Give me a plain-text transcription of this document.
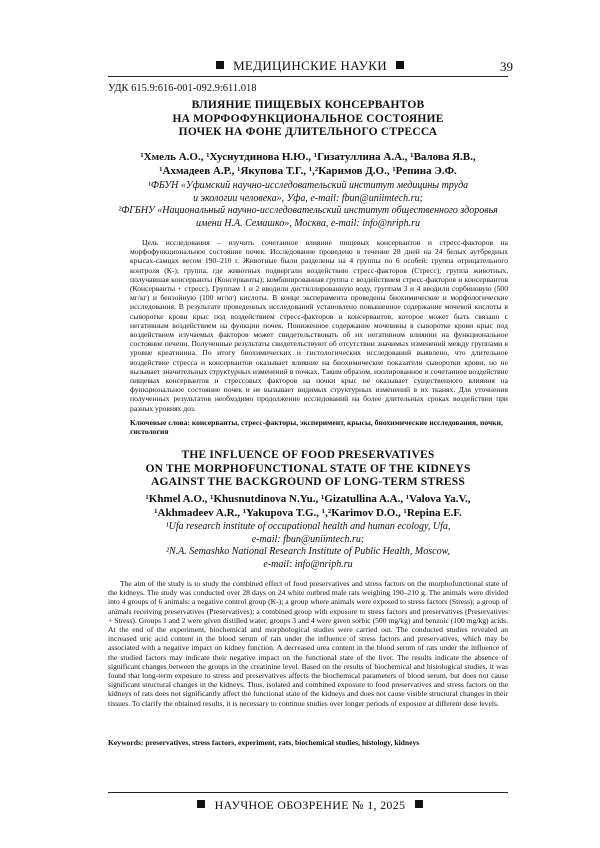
МЕДИЦИНСКИЕ НАУКИ	39
УДК 615.9:616-001-092.9:611.018
ВЛИЯНИЕ ПИЩЕВЫХ КОНСЕРВАНТОВ
НА МОРФОФУНКЦИОНАЛЬНОЕ СОСТОЯНИЕ
ПОЧЕК НА ФОНЕ ДЛИТЕЛЬНОГО СТРЕССА
¹Хмель А.О., ¹Хуснутдинова Н.Ю., ¹Гизатуллина А.А., ¹Валова Я.В.,
¹Ахмадеев А.Р., ¹Якупова Т.Г., ¹,²Каримов Д.О., ¹Репина Э.Ф.
¹ФБУН «Уфимский научно-исследовательский институт медицины труда
и экологии человека», Уфа, e-mail: fbun@uniimtech.ru;
²ФГБНУ «Национальный научно-исследовательский институт общественного здоровья
имени Н.А. Семашко», Москва, e-mail: info@nriph.ru
Цель исследования – изучить сочетанное влияние пищевых консервантов и стресс-факторов на морфофункциональное состояние почек. Исследование проведено в течение 28 дней на 24 белых аутбредных крысах-самцах весом 190–210 г. Животные были разделены на 4 группы по 6 особей: группа отрицательного контроля (К-); группа, где животных подвергали воздействию стресс-факторов (Стресс); группа животных, получавшая консерванты (Консерванты); комбинированная группа с воздействием стресс-факторов и консервантов (Консерванты + стресс). Группам 1 и 2 вводили дистиллированную воду, группам 3 и 4 вводили сорбиновую (500 мг/кг) и бензойную (100 мг/кг) кислоты. В конце эксперимента проведены биохимические и морфологические исследования. В результате проведенных исследований установлено повышенное содержание мочевой кислоты в сыворотке крови крыс под воздействием стресс-факторов и консервантов, которое может быть связано с негативным воздействием на функции почек. Пониженное содержание мочевины в сыворотке крови крыс под воздействием изучаемых факторов может свидетельствовать об их негативном влиянии на функциональное состояние печени. Полученные результаты свидетельствуют об отсутствии значимых изменений между группами в уровне креатинина. По итогу биохимических и гистологических исследований выявлено, что длительное воздействие стресса и консервантов оказывает влияние на биохимические показатели сыворотки крови, но не вызывает значительных структурных изменений в почках. Таким образом, изолированное и сочетанное воздействие пищевых консервантов и стрессовых факторов на почки крыс не оказывает существенного влияния на функциональное состояние почек и не вызывает видимых структурных изменений в их тканях. Для уточнения полученных результатов необходимо продолжение исследований на более длительных сроках воздействия при разных уровнях доз.
Ключевые слова: консерванты, стресс-факторы, эксперимент, крысы, биохимические исследования, почки, гистология
THE INFLUENCE OF FOOD PRESERVATIVES
ON THE MORPHOFUNCTIONAL STATE OF THE KIDNEYS
AGAINST THE BACKGROUND OF LONG-TERM STRESS
¹Khmel A.O., ¹Khusnutdinova N.Yu., ¹Gizatullina A.A., ¹Valova Ya.V.,
¹Akhmadeev A.R., ¹Yakupova T.G., ¹,²Karimov D.O., ¹Repina E.F.
¹Ufa research institute of occupational health and human ecology, Ufa,
e-mail: fbun@uniimtech.ru;
²N.A. Semashko National Research Institute of Public Health, Moscow,
e-mail: info@nriph.ru
The aim of the study is to study the combined effect of food preservatives and stress factors on the morphofunctional state of the kidneys. The study was conducted over 28 days on 24 white outbred male rats weighing 190–210 g. The animals were divided into 4 groups of 6 animals: a negative control group (K-); a group where animals were exposed to stress factors (Stress); a group of animals receiving preservatives (Preservatives); a combined group with exposure to stress factors and preservatives (Preservatives + Stress). Groups 1 and 2 were given distilled water, groups 3 and 4 were given sorbic (500 mg/kg) and benzoic (100 mg/kg) acids. At the end of the experiment, biochemical and morphological studies were carried out. The conducted studies revealed an increased uric acid content in the blood serum of rats under the influence of stress factors and preservatives, which may be associated with a negative impact on kidney function. A decreased urea content in the blood serum of rats under the influence of the studied factors may indicate their negative impact on the functional state of the liver. The results indicate the absence of significant changes between the groups in the creatinine level. Based on the results of biochemical and histological studies, it was found that long-term exposure to stress and preservatives affects the biochemical parameters of blood serum, but does not cause significant structural changes in the kidneys. Thus, isolated and combined exposure to food preservatives and stress factors on the kidneys of rats does not significantly affect the functional state of the kidneys and does not cause visible structural changes in their tissues. To clarify the obtained results, it is necessary to continue studies over longer periods of exposure at different dose levels.
Keywords: preservatives, stress factors, experiment, rats, biochemical studies, histology, kidneys
НАУЧНОЕ ОБОЗРЕНИЕ № 1, 2025
